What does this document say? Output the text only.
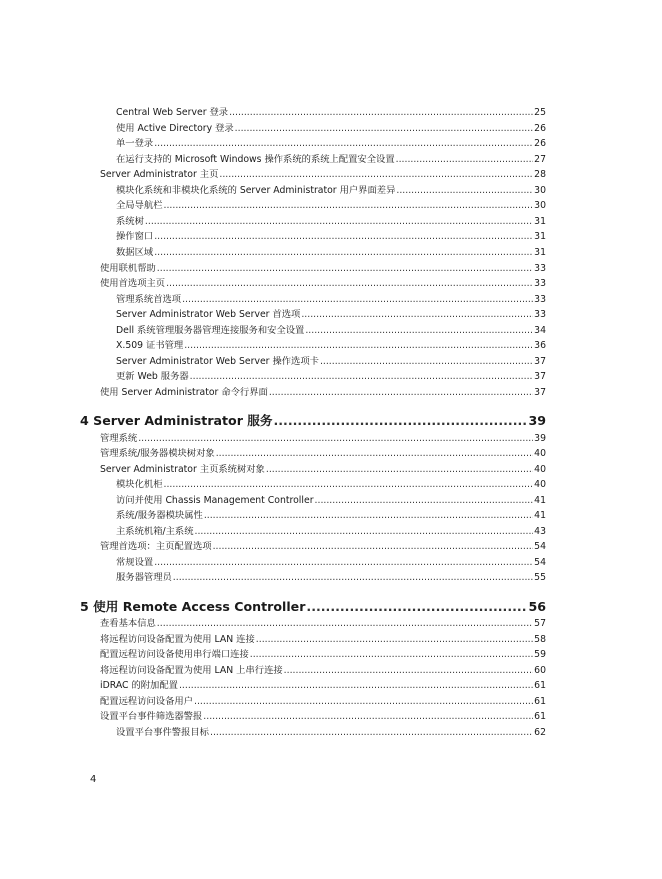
Central Web Server 登录 .....	25
使用 Active Directory 登录 .....	26
单一登录 .....	26
在运行支持的 Microsoft Windows 操作系统的系统上配置安全设置 .....	27
Server Administrator 主页 .....	28
模块化系统和非模块化系统的 Server Administrator 用户界面差异 .....	30
全局导航栏 .....	30
系统树 .....	31
操作窗口 .....	31
数据区域 .....	31
使用联机帮助 .....	33
使用首选项主页 .....	33
管理系统首选项 .....	33
Server Administrator Web Server 首选项 .....	33
Dell 系统管理服务器管理连接服务和安全设置 .....	34
X.509 证书管理 .....	36
Server Administrator Web Server 操作选项卡 .....	37
更新 Web 服务器 .....	37
使用 Server Administrator 命令行界面 .....	37
4 Server Administrator 服务 .....	39
管理系统 .....	39
管理系统/服务器模块树对象 .....	40
Server Administrator 主页系统树对象 .....	40
模块化机柜 .....	40
访问并使用 Chassis Management Controller .....	41
系统/服务器模块属性 .....	41
主系统机箱/主系统 .....	43
管理首选项：主页配置选项 .....	54
常规设置 .....	54
服务器管理员 .....	55
5 使用 Remote Access Controller .....	56
查看基本信息 .....	57
将远程访问设备配置为使用 LAN 连接 .....	58
配置远程访问设备使用串行端口连接 .....	59
将远程访问设备配置为使用 LAN 上串行连接 .....	60
iDRAC 的附加配置 .....	61
配置远程访问设备用户 .....	61
设置平台事件筛选器警报 .....	61
设置平台事件警报目标 .....	62
4
